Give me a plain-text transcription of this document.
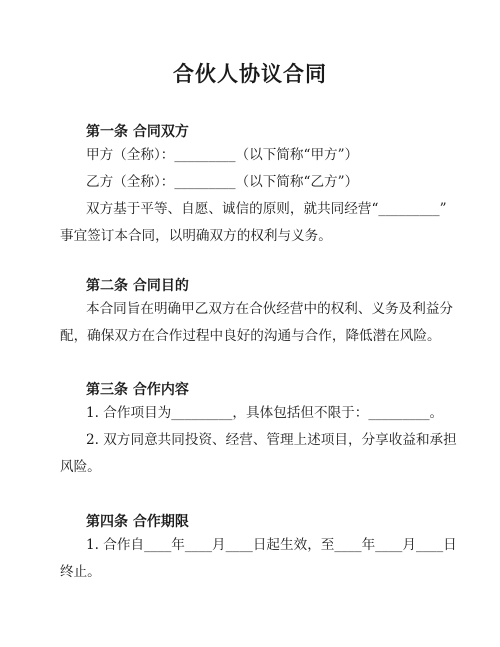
合伙人协议合同
第一条 合同双方
甲方（全称）：_________（以下简称“甲方”）
乙方（全称）：_________（以下简称“乙方”）
双方基于平等、自愿、诚信的原则，就共同经营“_________”
事宜签订本合同，以明确双方的权利与义务。
第二条 合同目的
本合同旨在明确甲乙双方在合伙经营中的权利、义务及利益分
配，确保双方在合作过程中良好的沟通与合作，降低潜在风险。
第三条 合作内容
1. 合作项目为_________，具体包括但不限于：_________。
2. 双方同意共同投资、经营、管理上述项目，分享收益和承担
风险。
第四条 合作期限
1. 合作自____年____月____日起生效，至____年____月____日
终止。
